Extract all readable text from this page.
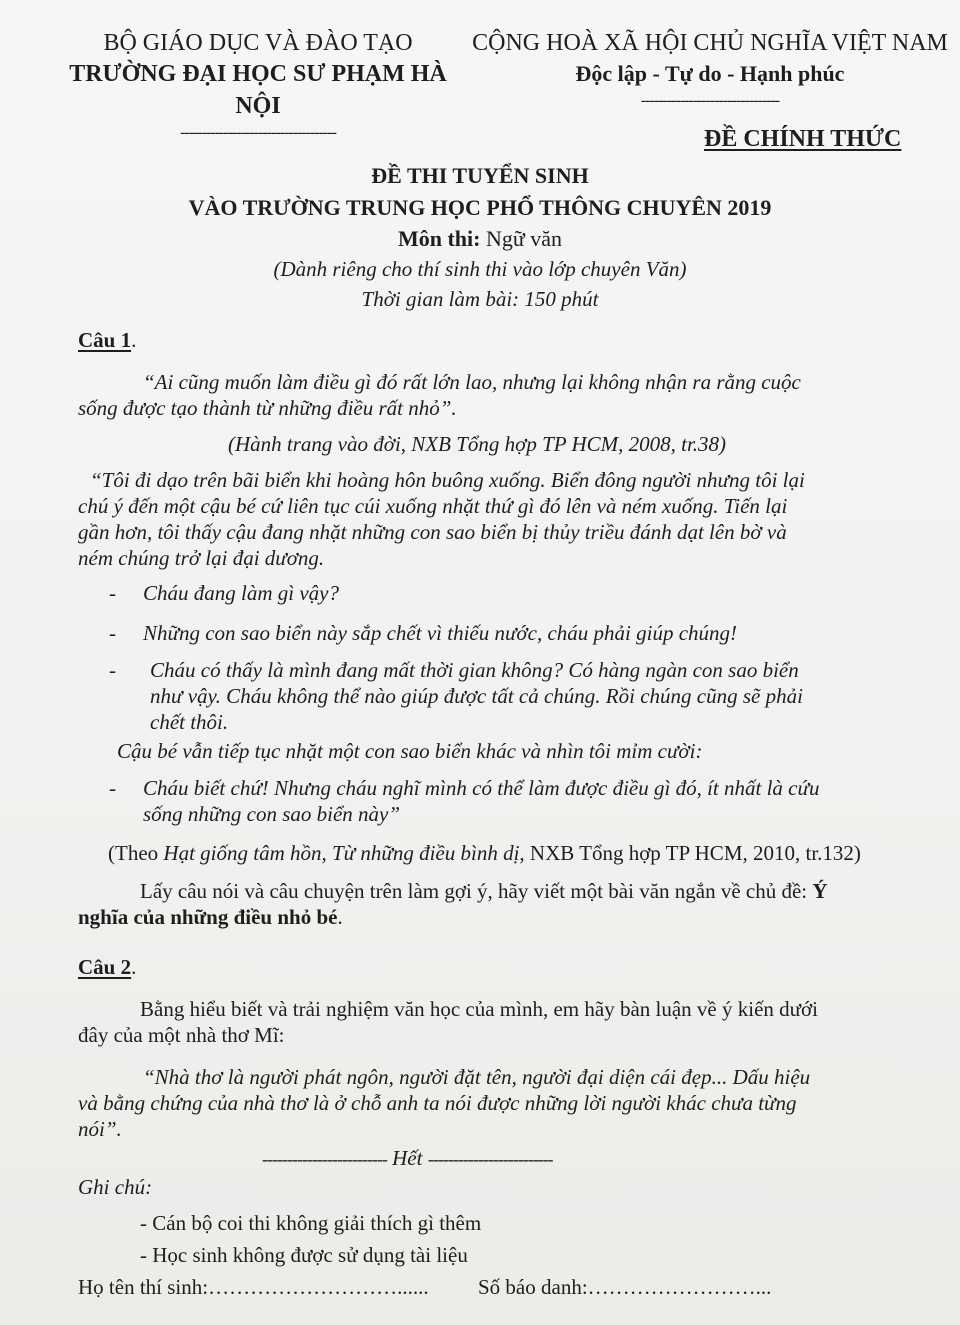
BỘ GIÁO DỤC VÀ ĐÀO TẠO
TRƯỜNG ĐẠI HỌC SƯ PHẠM HÀ NỘI
------------------------------------
CỘNG HOÀ XÃ HỘI CHỦ NGHĨA VIỆT NAM
Độc lập - Tự do - Hạnh phúc
--------------------------------
ĐỀ CHÍNH THỨC
ĐỀ THI TUYỂN SINH
VÀO TRƯỜNG TRUNG HỌC PHỔ THÔNG CHUYÊN 2019
Môn thi: Ngữ văn
(Dành riêng cho thí sinh thi vào lớp chuyên Văn)
Thời gian làm bài: 150 phút
Câu 1.
“Ai cũng muốn làm điều gì đó rất lớn lao, nhưng lại không nhận ra rằng cuộc
sống được tạo thành từ những điều rất nhỏ”.
(Hành trang vào đời, NXB Tổng hợp TP HCM, 2008, tr.38)
“Tôi đi dạo trên bãi biển khi hoàng hôn buông xuống. Biển đông người nhưng tôi lại
chú ý đến một cậu bé cứ liên tục cúi xuống nhặt thứ gì đó lên và ném xuống. Tiến lại
gần hơn, tôi thấy cậu đang nhặt những con sao biển bị thủy triều đánh dạt lên bờ và
ném chúng trở lại đại dương.
- Cháu đang làm gì vậy?
- Những con sao biển này sắp chết vì thiếu nước, cháu phải giúp chúng!
- Cháu có thấy là mình đang mất thời gian không? Có hàng ngàn con sao biển
như vậy. Cháu không thể nào giúp được tất cả chúng. Rồi chúng cũng sẽ phải
chết thôi.
Cậu bé vẫn tiếp tục nhặt một con sao biển khác và nhìn tôi mỉm cười:
- Cháu biết chứ! Nhưng cháu nghĩ mình có thể làm được điều gì đó, ít nhất là cứu
sống những con sao biển này”
(Theo Hạt giống tâm hồn, Từ những điều bình dị, NXB Tổng hợp TP HCM, 2010, tr.132)
Lấy câu nói và câu chuyện trên làm gợi ý, hãy viết một bài văn ngắn về chủ đề: Ý
nghĩa của những điều nhỏ bé.
Câu 2.
Bằng hiểu biết và trải nghiệm văn học của mình, em hãy bàn luận về ý kiến dưới
đây của một nhà thơ Mĩ:
“Nhà thơ là người phát ngôn, người đặt tên, người đại diện cái đẹp... Dấu hiệu
và bằng chứng của nhà thơ là ở chỗ anh ta nói được những lời người khác chưa từng
nói”.
------------------------- Hết -------------------------
Ghi chú:
- Cán bộ coi thi không giải thích gì thêm
- Học sinh không được sử dụng tài liệu
Họ tên thí sinh:………………………...... Số báo danh:……………………...
